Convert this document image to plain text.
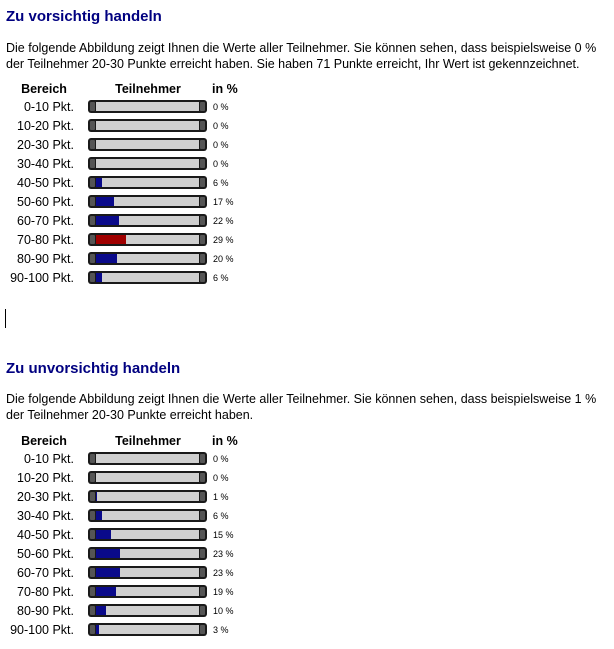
Zu vorsichtig handeln

Die folgende Abbildung zeigt Ihnen die Werte aller Teilnehmer. Sie können sehen, dass beispielsweise 0 % der Teilnehmer 20-30 Punkte erreicht haben. Sie haben 71 Punkte erreicht, Ihr Wert ist gekennzeichnet.

Bereich	Teilnehmer	in %
0-10 Pkt.		0 %
10-20 Pkt.		0 %
20-30 Pkt.		0 %
30-40 Pkt.		0 %
40-50 Pkt.		6 %
50-60 Pkt.		17 %
60-70 Pkt.		22 %
70-80 Pkt.		29 %
80-90 Pkt.		20 %
90-100 Pkt.		6 %
Zu unvorsichtig handeln

Die folgende Abbildung zeigt Ihnen die Werte aller Teilnehmer. Sie können sehen, dass beispielsweise 1 % der Teilnehmer 20-30 Punkte erreicht haben.

Bereich	Teilnehmer	in %
0-10 Pkt.		0 %
10-20 Pkt.		0 %
20-30 Pkt.		1 %
30-40 Pkt.		6 %
40-50 Pkt.		15 %
50-60 Pkt.		23 %
60-70 Pkt.		23 %
70-80 Pkt.		19 %
80-90 Pkt.		10 %
90-100 Pkt.		3 %
